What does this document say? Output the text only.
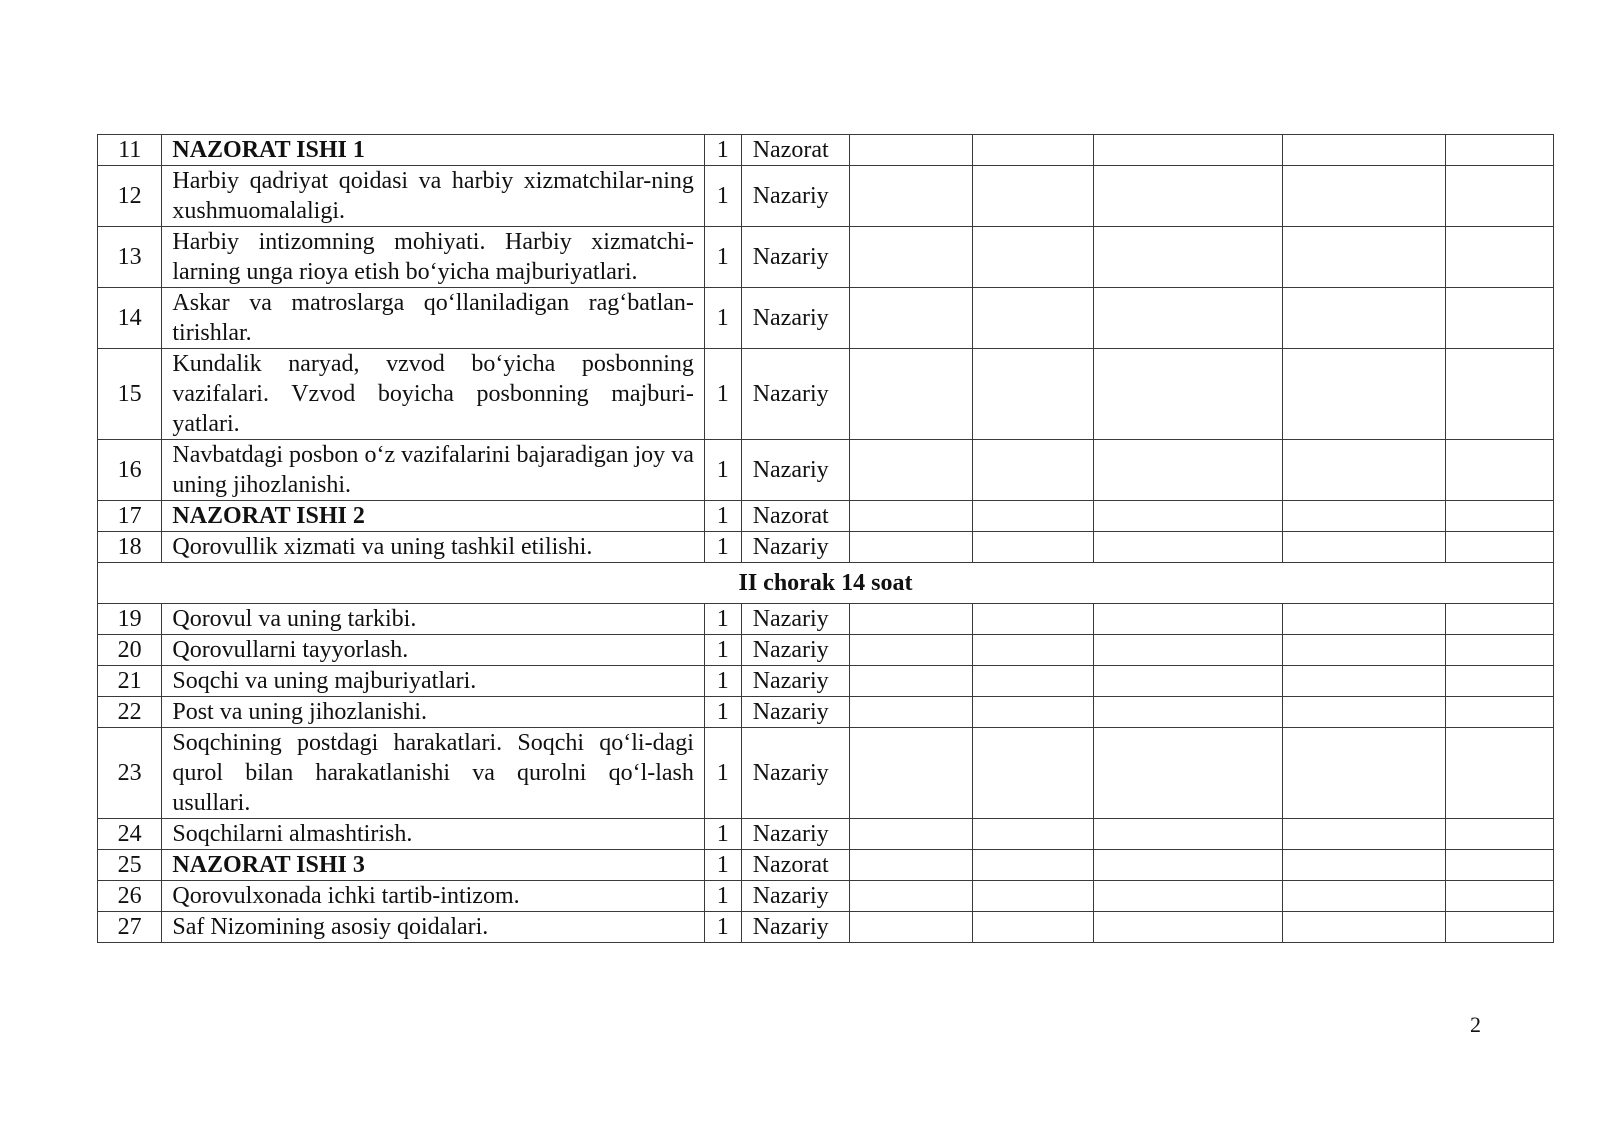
11	NAZORAT ISHI 1	1	Nazorat					
12	Harbiy qadriyat qoidasi va harbiy xizmatchilar-ning xushmuomalaligi.	1	Nazariy					
13	Harbiy intizomning mohiyati. Harbiy xizmatchi-larning unga rioya etish bo‘yicha majburiyatlari.	1	Nazariy					
14	Askar va matroslarga qo‘llaniladigan rag‘batlan-tirishlar.	1	Nazariy					
15	Kundalik naryad, vzvod bo‘yicha posbonning vazifalari. Vzvod boyicha posbonning majburi-yatlari.	1	Nazariy					
16	Navbatdagi posbon o‘z vazifalarini bajaradigan joy va uning jihozlanishi.	1	Nazariy					
17	NAZORAT ISHI 2	1	Nazorat					
18	Qorovullik xizmati va uning tashkil etilishi.	1	Nazariy					
II chorak 14 soat								
19	Qorovul va uning tarkibi.	1	Nazariy					
20	Qorovullarni tayyorlash.	1	Nazariy					
21	Soqchi va uning majburiyatlari.	1	Nazariy					
22	Post va uning jihozlanishi.	1	Nazariy					
23	Soqchining postdagi harakatlari. Soqchi qo‘li-dagi qurol bilan harakatlanishi va qurolni qo‘l-lash usullari.	1	Nazariy					
24	Soqchilarni almashtirish.	1	Nazariy					
25	NAZORAT ISHI 3	1	Nazorat					
26	Qorovulxonada ichki tartib-intizom.	1	Nazariy					
27	Saf Nizomining asosiy qoidalari.	1	Nazariy					
2
